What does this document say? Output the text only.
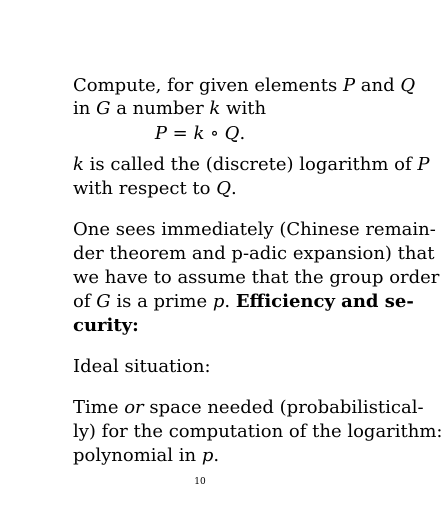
Compute, for given elements P and Q
in G a number k with
P = k ∘ Q.
k is called the (discrete) logarithm of P
with respect to Q.
One sees immediately (Chinese remain-
der theorem and p-adic expansion) that
we have to assume that the group order
of G is a prime p. Efficiency and se-
curity:
Ideal situation:
Time or space needed (probabilistical-
ly) for the computation of the logarithm:
polynomial in p.
10
